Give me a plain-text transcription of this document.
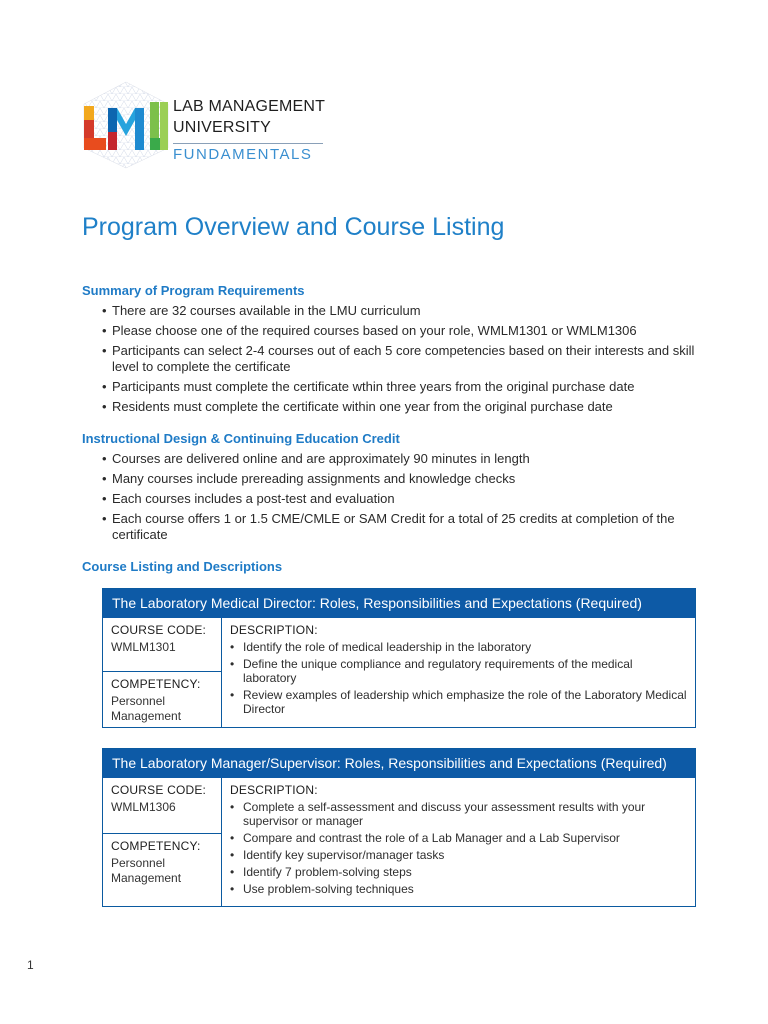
LAB MANAGEMENT
UNIVERSITY
FUNDAMENTALS
Program Overview and Course Listing
Summary of Program Requirements
• There are 32 courses available in the LMU curriculum
• Please choose one of the required courses based on your role, WMLM1301 or WMLM1306
• Participants can select 2-4 courses out of each 5 core competencies based on their interests and skill level to complete the certificate
• Participants must complete the certificate wthin three years from the original purchase date
• Residents must complete the certificate within one year from the original purchase date
Instructional Design & Continuing Education Credit
• Courses are delivered online and are approximately 90 minutes in length
• Many courses include prereading assignments and knowledge checks
• Each courses includes a post-test and evaluation
• Each course offers 1 or 1.5 CME/CMLE or SAM Credit for a total of 25 credits at completion of the certificate
Course Listing and Descriptions
The Laboratory Medical Director: Roles, Responsibilities and Expectations (Required)
COURSE CODE:
WMLM1301
COMPETENCY:
Personnel Management
DESCRIPTION:
• Identify the role of medical leadership in the laboratory
• Define the unique compliance and regulatory requirements of the medical laboratory
• Review examples of leadership which emphasize the role of the Laboratory Medical Director
The Laboratory Manager/Supervisor: Roles, Responsibilities and Expectations (Required)
COURSE CODE:
WMLM1306
COMPETENCY:
Personnel Management
DESCRIPTION:
• Complete a self-assessment and discuss your assessment results with your supervisor or manager
• Compare and contrast the role of a Lab Manager and a Lab Supervisor
• Identify key supervisor/manager tasks
• Identify 7 problem-solving steps
• Use problem-solving techniques
1
